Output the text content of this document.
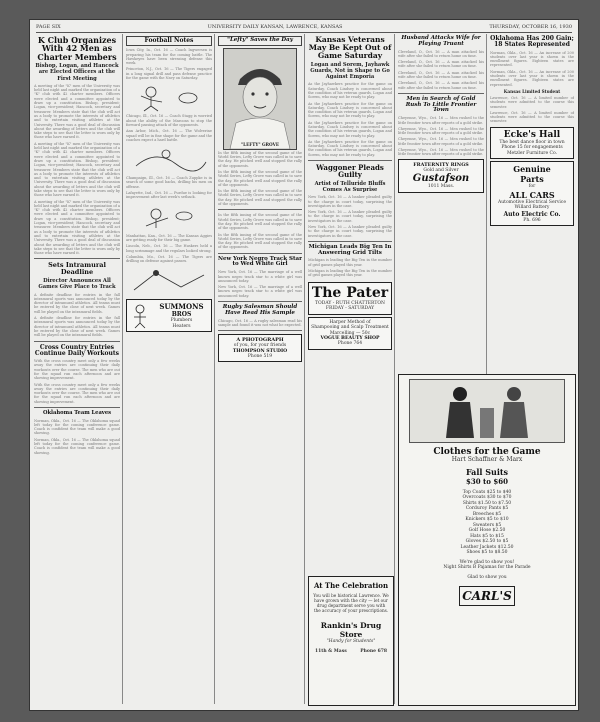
PAGE SIX	UNIVERSITY DAILY KANSAN, LAWRENCE, KANSAS	THURSDAY, OCTOBER 16, 1930
K Club Organizes With 42 Men as Charter Members
Bishop, Logan, and Hancock are Elected Officers at the First Meeting
A meeting of the "K" men of the University was held last night and marked the organization of a "K" club with 42 charter members. Officers were elected and a committee appointed to draw up a constitution. Bishop, president; Logan, vice-president; Hancock, secretary and treasurer. Members state that the club will act as a body to promote the interests of athletics and to entertain visiting athletes at the University. There was a good deal of discussion about the awarding of letters and the club will take steps to see that the letter is worn only by those who have earned it.
A meeting of the "K" men of the University was held last night and marked the organization of a "K" club with 42 charter members. Officers were elected and a committee appointed to draw up a constitution. Bishop, president; Logan, vice-president; Hancock, secretary and treasurer. Members state that the club will act as a body to promote the interests of athletics and to entertain visiting athletes at the University. There was a good deal of discussion about the awarding of letters and the club will take steps to see that the letter is worn only by those who have earned it.
A meeting of the "K" men of the University was held last night and marked the organization of a "K" club with 42 charter members. Officers were elected and a committee appointed to draw up a constitution. Bishop, president; Logan, vice-president; Hancock, secretary and treasurer. Members state that the club will act as a body to promote the interests of athletics and to entertain visiting athletes at the University. There was a good deal of discussion about the awarding of letters and the club will take steps to see that the letter is worn only by those who have earned it.
Sets Intramural Deadline
Director Announces All Games Give Place to Track
A definite deadline for entries in the fall intramural sports was announced today by the director of intramural athletics. All teams must be entered by the close of next week. Games will be played on the intramural fields.
A definite deadline for entries in the fall intramural sports was announced today by the director of intramural athletics. All teams must be entered by the close of next week. Games will be played on the intramural fields.
Cross Country Entries Continue Daily Workouts
With the cross country meet only a few weeks away the entries are continuing their daily workouts over the course. The men who are out for the squad run each afternoon and are showing improvement.
With the cross country meet only a few weeks away the entries are continuing their daily workouts over the course. The men who are out for the squad run each afternoon and are showing improvement.
Oklahoma Team Leaves
Norman, Okla., Oct. 16 — The Oklahoma squad left today for the coming conference game. Coach is confident the team will make a good showing.
Norman, Okla., Oct. 16 — The Oklahoma squad left today for the coming conference game. Coach is confident the team will make a good showing.
Football Notes
Iowa City, Ia., Oct. 16 — Coach Ingwersen is preparing his team for the coming battle. The Hawkeyes have been stressing defense this week.
Princeton, N.J., Oct. 16 — The Tigers engaged in a long signal drill and pass defense practice for the game with the Navy on Saturday.
Chicago, Ill., Oct. 16 — Coach Stagg is worried about the ability of the Maroons to stop the forward passing attack of the opponents.
Ann Arbor, Mich., Oct. 16 — The Wolverine squad will be in fine shape for the game and the coaches expect a hard battle.
Champaign, Ill., Oct. 16 — Coach Zuppke is in search of some good backs, drilling his men on offense.
Lafayette, Ind., Oct. 16 — Purdue is looking for improvement after last week's setback.
Manhattan, Kan., Oct. 16 — The Kansas Aggies are getting ready for their big game.
Lincoln, Neb., Oct. 16 — The Huskers held a long scrimmage and the regulars looked strong.
Columbia, Mo., Oct. 16 — The Tigers are drilling on defense against passes.
SUMMONS
BROS
Plumbers
Heaters
"Lefty" Saves the Day
"LEFTY" GROVE
In the fifth inning of the second game of the World Series, Lefty Grove was called in to save the day. He pitched well and stopped the rally of the opponents.
In the fifth inning of the second game of the World Series, Lefty Grove was called in to save the day. He pitched well and stopped the rally of the opponents.
In the fifth inning of the second game of the World Series, Lefty Grove was called in to save the day. He pitched well and stopped the rally of the opponents.
In the fifth inning of the second game of the World Series, Lefty Grove was called in to save the day. He pitched well and stopped the rally of the opponents.
In the fifth inning of the second game of the World Series, Lefty Grove was called in to save the day. He pitched well and stopped the rally of the opponents.
New York Negro Track Star to Wed White Girl
New York, Oct. 16 — The marriage of a well known negro track star to a white girl was announced today.
New York, Oct. 16 — The marriage of a well known negro track star to a white girl was announced today.
Rugby Salesman Should Have Read His Sample
Chicago, Oct. 16 — A rugby salesman read his sample and found it was not what he expected.
A PHOTOGRAPH
of you, for your friends
THOMPSON STUDIO
Phone 519
Kansas Veterans May Be Kept Out of Game Saturday
Logan and Sorem, Jayhawk Guards, Not in Shape to Go Against Emporia
As the Jayhawkers practice for the game on Saturday, Coach Lindsey is concerned about the condition of his veteran guards, Logan and Sorem, who may not be ready to play.
As the Jayhawkers practice for the game on Saturday, Coach Lindsey is concerned about the condition of his veteran guards, Logan and Sorem, who may not be ready to play.
As the Jayhawkers practice for the game on Saturday, Coach Lindsey is concerned about the condition of his veteran guards, Logan and Sorem, who may not be ready to play.
As the Jayhawkers practice for the game on Saturday, Coach Lindsey is concerned about the condition of his veteran guards, Logan and Sorem, who may not be ready to play.
Waggoner Pleads Guilty
Artist of Telluride Bluffs Comes As Surprise
New York, Oct. 16 — A banker pleaded guilty to the charge in court today, surprising the investigators in the case.
New York, Oct. 16 — A banker pleaded guilty to the charge in court today, surprising the investigators in the case.
New York, Oct. 16 — A banker pleaded guilty to the charge in court today, surprising the investigators in the case.
Michigan Leads Big Ten In Answering Grid Tilts
Michigan is leading the Big Ten in the number of grid games played this year.
Michigan is leading the Big Ten in the number of grid games played this year.
The Pater
TODAY - RUTH CHATTERTON
FRIDAY - SATURDAY
Harper Method of
Shampooing and Scalp Treatment
Marcelling — 50c
VOGUE BEAUTY SHOP
Phone 764
Husband Attacks Wife for Playing Truant
Cleveland, O., Oct. 16 — A man attacked his wife after she failed to return home on time.
Cleveland, O., Oct. 16 — A man attacked his wife after she failed to return home on time.
Cleveland, O., Oct. 16 — A man attacked his wife after she failed to return home on time.
Cleveland, O., Oct. 16 — A man attacked his wife after she failed to return home on time.
Men in Search of Gold Rush To Little Frontier Town
Cheyenne, Wyo., Oct. 16 — Men rushed to the little frontier town after reports of a gold strike.
Cheyenne, Wyo., Oct. 16 — Men rushed to the little frontier town after reports of a gold strike.
Cheyenne, Wyo., Oct. 16 — Men rushed to the little frontier town after reports of a gold strike.
Cheyenne, Wyo., Oct. 16 — Men rushed to the little frontier town after reports of a gold strike.
FRATERNITY RINGS
Gold and Silver
Gustafson
1011 Mass.
Oklahoma Has 200 Gain; 18 States Represented
Norman, Okla., Oct. 16 — An increase of 200 students over last year is shown in the enrollment figures. Eighteen states are represented.
Norman, Okla., Oct. 16 — An increase of 200 students over last year is shown in the enrollment figures. Eighteen states are represented.
Kansas Limited Student
Lawrence, Oct. 16 — A limited number of students were admitted to the course this semester.
Lawrence, Oct. 16 — A limited number of students were admitted to the course this semester.
Ecke's Hall
The best dance floor in town
Phone 15 for engagements
Metzler Furniture Co.
Genuine
Parts
for
ALL CARS
Automotive Electrical Service
Willard Battery
Auto Electric Co.
Ph. 696
Clothes for the Game
Hart Schaffner & Marx
Fall Suits
$30 to $60
Top Coats $25 to $40
Overcoats $30 to $70
Shirts $1.50 to $7.50
Corduroy Pants $5
Breeches $5
Knickers $5 to $10
Sweaters $5
Golf Hose $2.50
Hats $5 to $15
Gloves $2.50 to $5
Leather Jackets $12.50
Shoes $5 to $8.50
We're glad to show you!
Night Shirts B Pajamas for the Parade
Glad to show you
CARL'S
At The Celebration
You will be historical Lawrence. We have grown with the city — let our drug department serve you with the accuracy of your prescriptions.
Rankin's Drug Store
"Handy for Students"
11th & Mass	Phone 678
